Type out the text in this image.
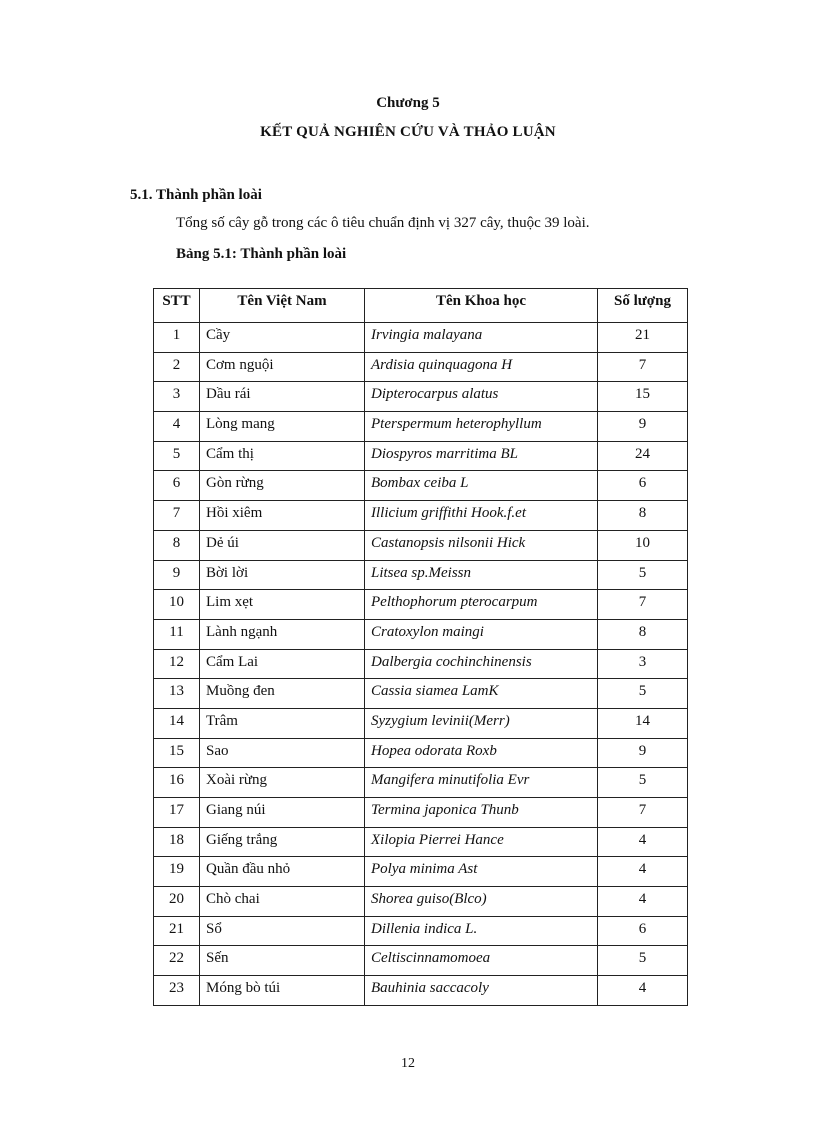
Chương 5
KẾT QUẢ NGHIÊN CỨU VÀ THẢO LUẬN
5.1. Thành phần loài
Tổng số cây gỗ trong các ô tiêu chuẩn định vị 327 cây, thuộc 39 loài.
Bảng 5.1: Thành phần loài
STT	Tên Việt Nam	Tên Khoa học	Số lượng
1	Cầy	Irvingia malayana	21
2	Cơm nguội	Ardisia quinquagona H	7
3	Dầu rái	Dipterocarpus alatus	15
4	Lòng mang	Pterspermum heterophyllum	9
5	Cẩm thị	Diospyros marritima BL	24
6	Gòn rừng	Bombax ceiba L	6
7	Hồi xiêm	Illicium griffithi Hook.f.et	8
8	Dẻ úi	Castanopsis nilsonii Hick	10
9	Bời lời	Litsea sp.Meissn	5
10	Lim xẹt	Pelthophorum pterocarpum	7
11	Lành ngạnh	Cratoxylon maingi	8
12	Cẩm Lai	Dalbergia cochinchinensis	3
13	Muồng đen	Cassia siamea LamK	5
14	Trâm	Syzygium levinii(Merr)	14
15	Sao	Hopea odorata Roxb	9
16	Xoài rừng	Mangifera minutifolia Evr	5
17	Giang núi	Termina japonica Thunb	7
18	Giếng trắng	Xilopia Pierrei Hance	4
19	Quần đầu nhỏ	Polya minima Ast	4
20	Chò chai	Shorea guiso(Blco)	4
21	Sổ	Dillenia indica L.	6
22	Sến	Celtiscinnamomoea	5
23	Móng bò túi	Bauhinia saccacoly	4
12
